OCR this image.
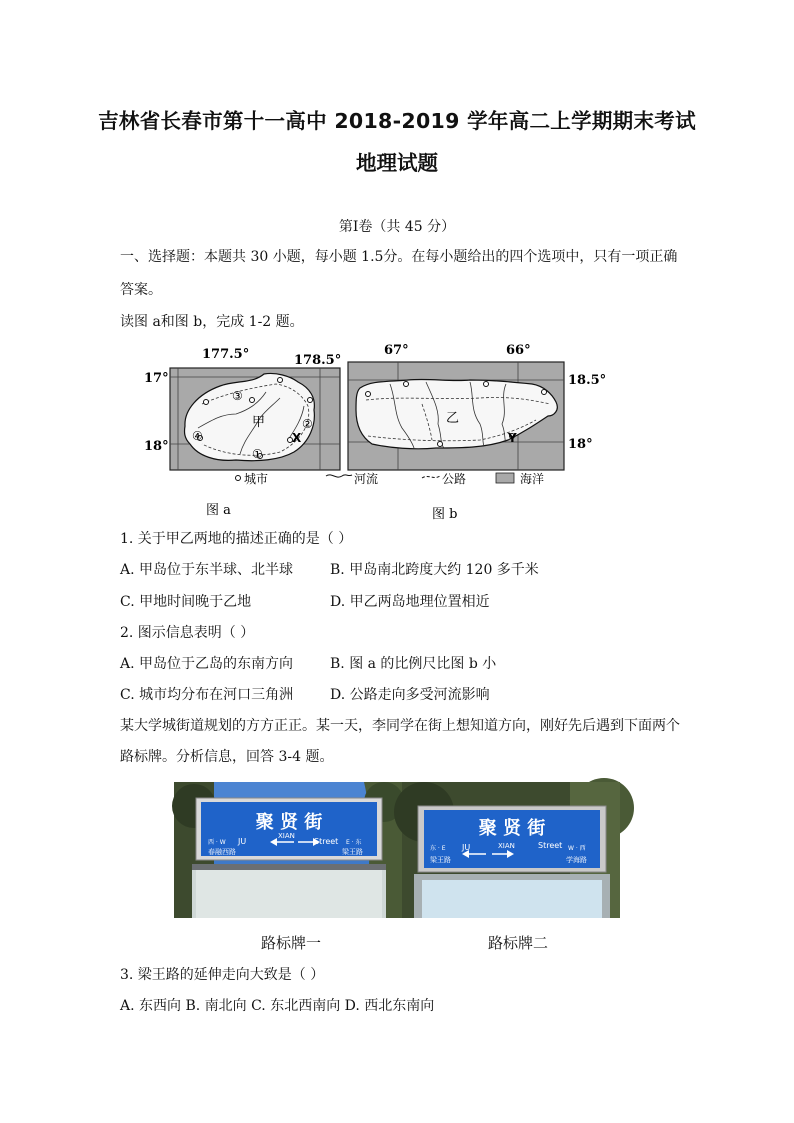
吉林省长春市第十一高中 2018-2019 学年高二上学期期末考试
地理试题
第Ⅰ卷（共 45 分）
一、选择题：本题共 30 小题，每小题 1.5分。在每小题给出的四个选项中，只有一项正确
答案。
读图 a和图 b，完成 1-2 题。
177.5°	178.5°
17°
18°
甲
X
①
②
③
④
67°	66°
18.5°
18°
乙
Y
城市	河流	公路	海洋
图 a	图 b
1. 关于甲乙两地的描述正确的是（ ）
A. 甲岛位于东半球、北半球	B. 甲岛南北跨度大约 120 多千米
C. 甲地时间晚于乙地	D. 甲乙两岛地理位置相近
2. 图示信息表明（ ）
A. 甲岛位于乙岛的东南方向	B. 图 a 的比例尺比图 b 小
C. 城市均分布在河口三角洲	D. 公路走向多受河流影响
某大学城街道规划的方方正正。某一天，李同学在街上想知道方向，刚好先后遇到下面两个
路标牌。分析信息，回答 3-4 题。
聚 贤 街
西 · W JU
XIAN
Street E · 东
春融西路	梁王路
聚 贤 街
东 · E JU	XIAN	Street W · 西
梁王路	学海路
路标牌一	路标牌二
3. 梁王路的延伸走向大致是（ ）
A. 东西向 B. 南北向 C. 东北西南向 D. 西北东南向
